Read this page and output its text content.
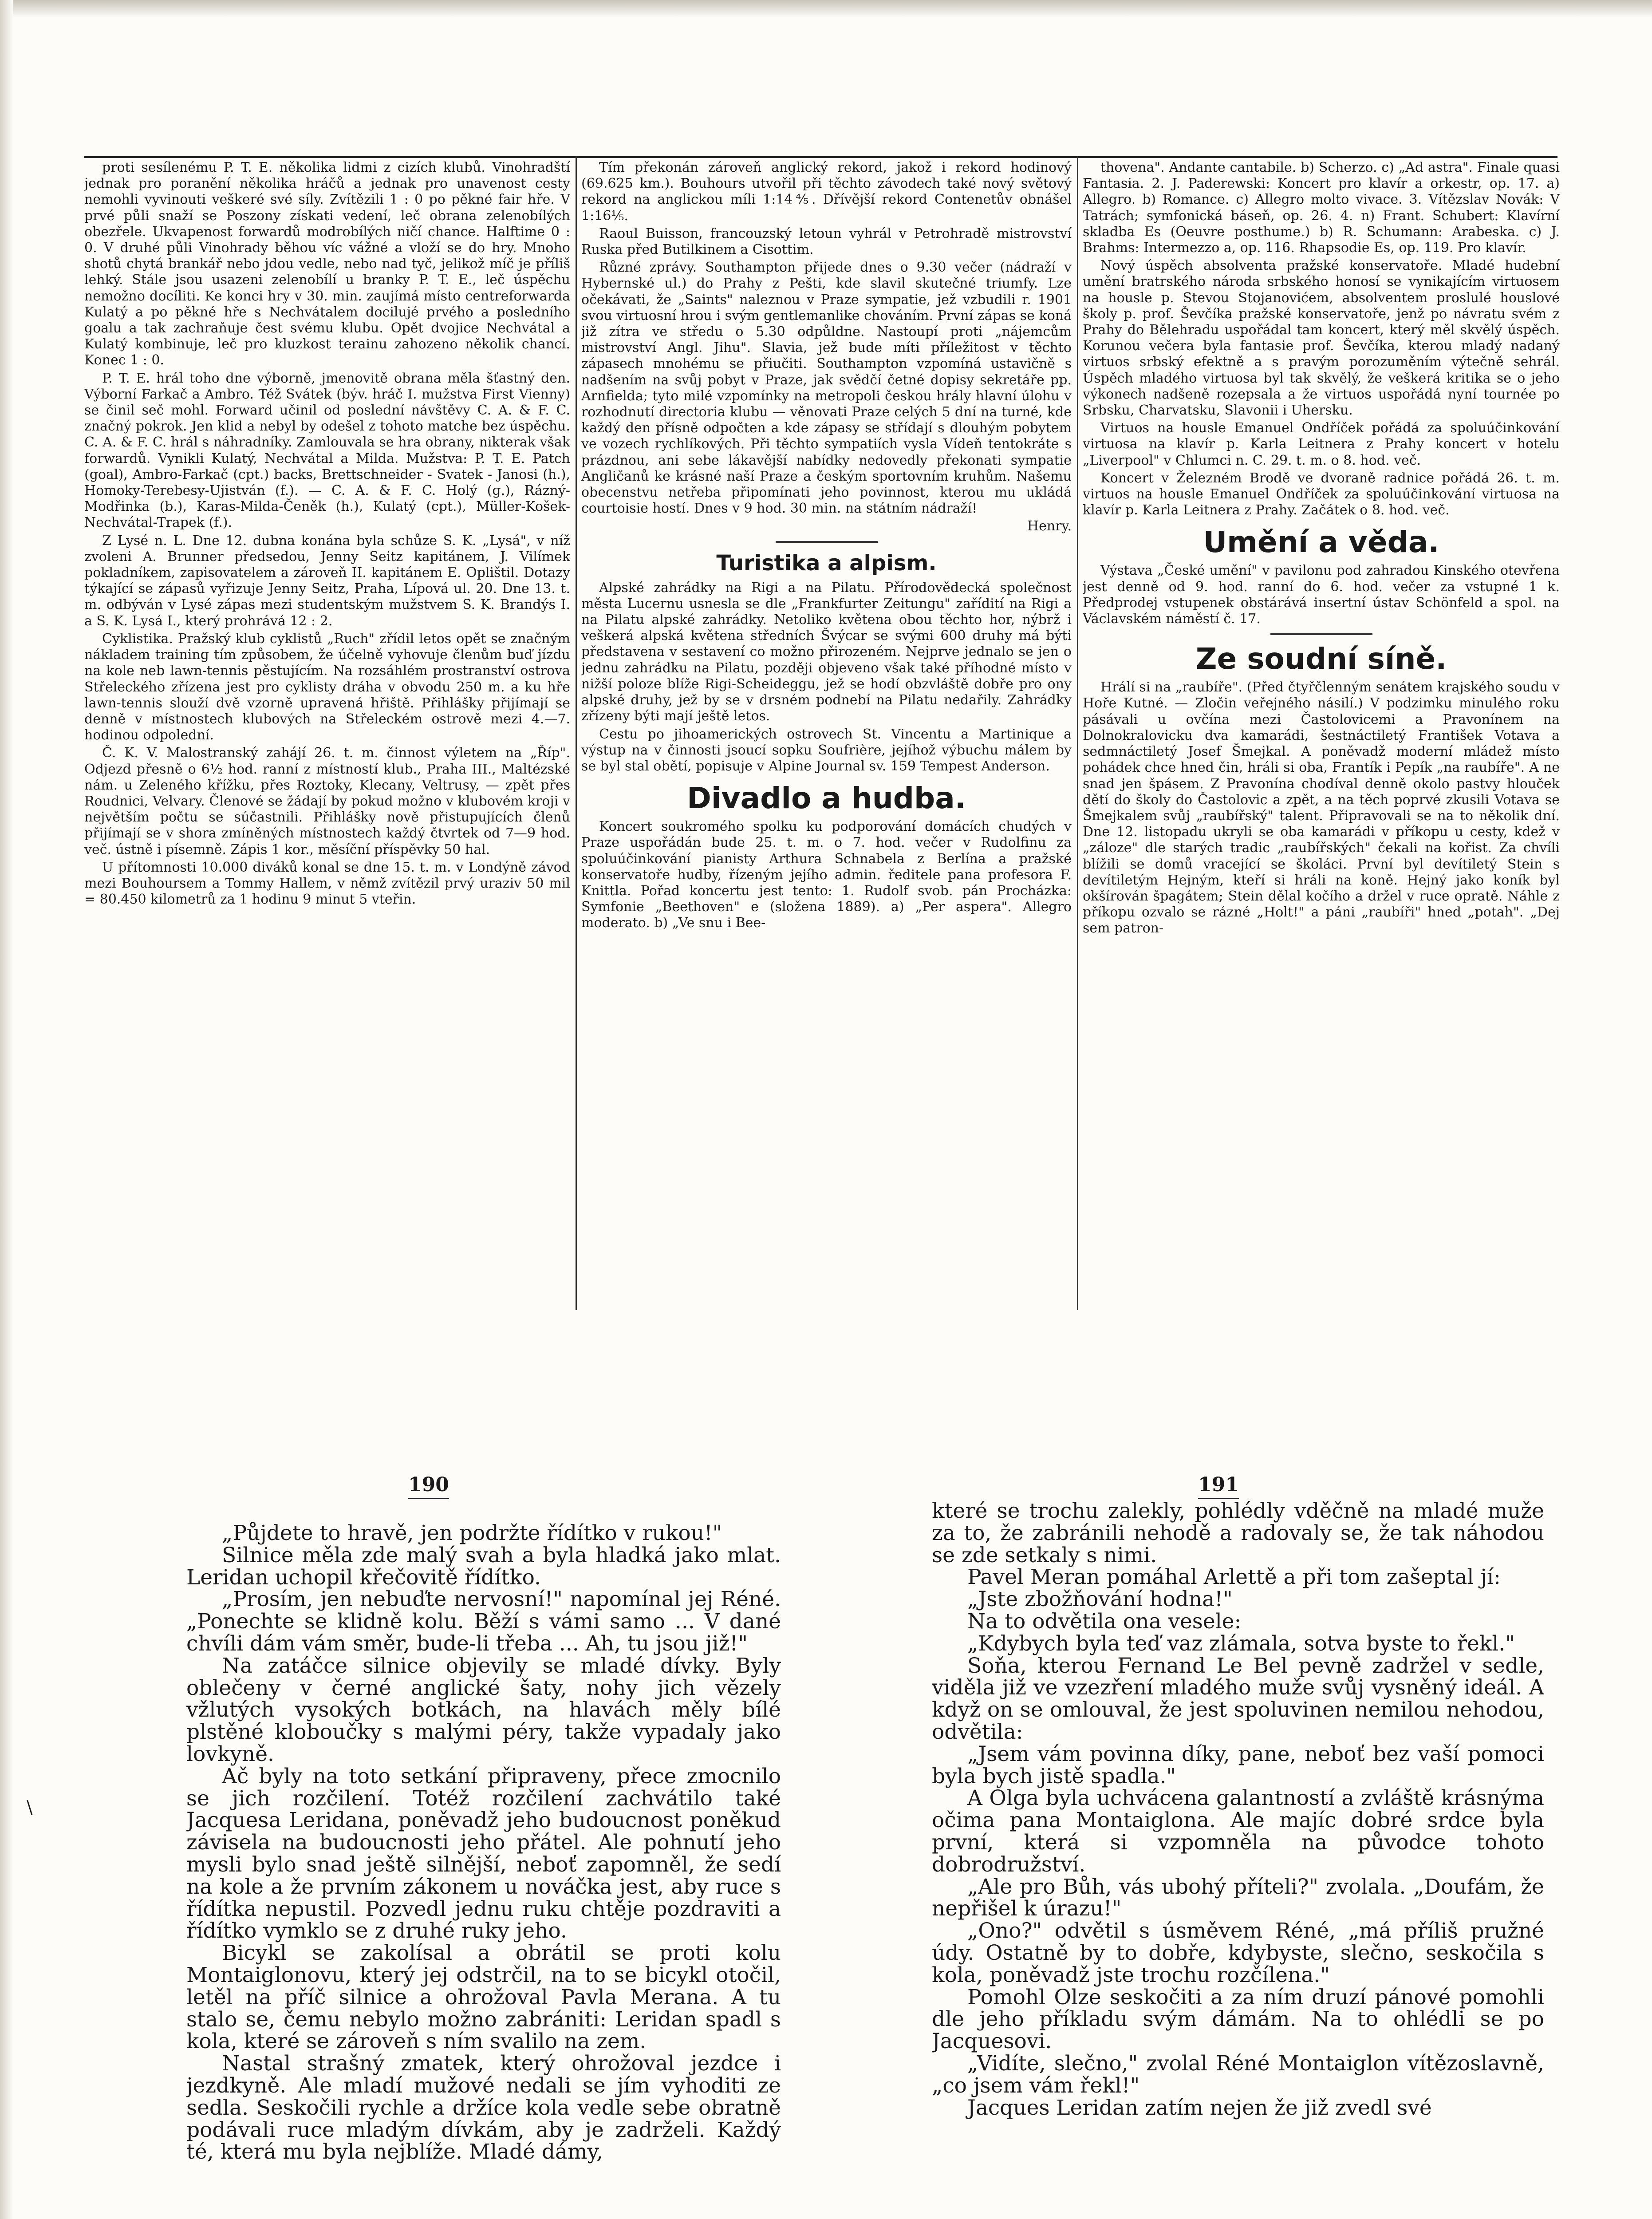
proti sesílenému P. T. E. několika lidmi z cizích klubů. Vinohradští jednak pro poranění několika hráčů a jednak pro unavenost cesty nemohli vyvinouti veškeré své síly. Zvítězili 1 : 0 po pěkné fair hře. V prvé půli snaží se Poszony získati vedení, leč obrana zelenobílých obezřele. Ukvapenost forwardů modrobílých ničí chance. Halftime 0 : 0. V druhé půli Vinohrady běhou víc vážné a vloží se do hry. Mnoho shotů chytá brankář nebo jdou vedle, nebo nad tyč, jelikož míč je příliš lehký. Stále jsou usazeni zelenobílí u branky P. T. E., leč úspěchu nemožno docíliti. Ke konci hry v 30. min. zaujímá místo centreforwarda Kulatý a po pěkné hře s Nechvátalem docilujé prvého a posledního goalu a tak zachraňuje čest svému klubu. Opět dvojice Nechvátal a Kulatý kombinuje, leč pro kluzkost terainu zahozeno několik chancí. Konec 1 : 0.

P. T. E. hrál toho dne výborně, jmenovitě obrana měla šťastný den. Výborní Farkač a Ambro. Též Svátek (býv. hráč I. mužstva First Vienny) se činil seč mohl. Forward učinil od poslední návštěvy C. A. & F. C. značný pokrok. Jen klid a nebyl by odešel z tohoto matche bez úspěchu. C. A. & F. C. hrál s náhradníky. Zamlouvala se hra obrany, nikterak však forwardů. Vynikli Kulatý, Nechvátal a Milda. Mužstva: P. T. E. Patch (goal), Ambro-Farkač (cpt.) backs, Brettschneider - Svatek - Janosi (h.), Homoky-Terebesy-Ujistván (f.). — C. A. & F. C. Holý (g.), Rázný-Modřinka (b.), Karas-Milda-Čeněk (h.), Kulatý (cpt.), Müller-Košek-Nechvátal-Trapek (f.).

Z Lysé n. L. Dne 12. dubna konána byla schůze S. K. „Lysá", v níž zvoleni A. Brunner předsedou, Jenny Seitz kapitánem, J. Vilímek pokladníkem, zapisovatelem a zároveň II. kapitánem E. Oplištil. Dotazy týkající se zápasů vyřizuje Jenny Seitz, Praha, Lípová ul. 20. Dne 13. t. m. odbýván v Lysé zápas mezi studentským mužstvem S. K. Brandýs I. a S. K. Lysá I., který prohrává 12 : 2.

Cyklistika. Pražský klub cyklistů „Ruch" zřídil letos opět se značným nákladem training tím způsobem, že účelně vyhovuje členům buď jízdu na kole neb lawn-tennis pěstujícím. Na rozsáhlém prostranství ostrova Střeleckého zřízena jest pro cyklisty dráha v obvodu 250 m. a ku hře lawn-tennis slouží dvě vzorně upravená hřiště. Přihlášky přijímají se denně v místnostech klubových na Střeleckém ostrově mezi 4.—7. hodinou odpolední.

Č. K. V. Malostranský zahájí 26. t. m. činnost výletem na „Říp". Odjezd přesně o 6½ hod. ranní z místností klub., Praha III., Maltézské nám. u Zeleného křížku, přes Roztoky, Klecany, Veltrusy, — zpět přes Roudnici, Velvary. Členové se žádají by pokud možno v klubovém kroji v největším počtu se súčastnili. Přihlášky nově přistupujících členů přijímají se v shora zmíněných místnostech každý čtvrtek od 7—9 hod. več. ústně i písemně. Zápis 1 kor., měsíční příspěvky 50 hal.

U přítomnosti 10.000 diváků konal se dne 15. t. m. v Londýně závod mezi Bouhoursem a Tommy Hallem, v němž zvítězil prvý uraziv 50 mil = 80.450 kilometrů za 1 hodinu 9 minut 5 vteřin.

Tím překonán zároveň anglický rekord, jakož i rekord hodinový (69.625 km.). Bouhours utvořil při těchto závodech také nový světový rekord na anglickou míli 1:14⅘. Dřívější rekord Contenetův obnášel 1:16⅕.

Raoul Buisson, francouzský letoun vyhrál v Petrohradě mistrovství Ruska před Butilkinem a Cisottim.

Různé zprávy. Southampton přijede dnes o 9.30 večer (nádraží v Hybernské ul.) do Prahy z Pešti, kde slavil skutečné triumfy. Lze očekávati, že „Saints" naleznou v Praze sympatie, jež vzbudili r. 1901 svou virtuosní hrou i svým gentlemanlike chováním. První zápas se koná již zítra ve středu o 5.30 odpůldne. Nastoupí proti „nájemcům mistrovství Angl. Jihu". Slavia, jež bude míti příležitost v těchto zápasech mnohému se přiučiti. Southampton vzpomíná ustavičně s nadšením na svůj pobyt v Praze, jak svědčí četné dopisy sekretáře pp. Arnfielda; tyto milé vzpomínky na metropoli českou hrály hlavní úlohu v rozhodnutí directoria klubu — věnovati Praze celých 5 dní na turné, kde každý den přísně odpočten a kde zápasy se střídají s dlouhým pobytem ve vozech rychlíkových. Při těchto sympatiích vysla Vídeň tentokráte s prázdnou, ani sebe lákavější nabídky nedovedly překonati sympatie Angličanů ke krásné naší Praze a českým sportovním kruhům. Našemu obecenstvu netřeba připomínati jeho povinnost, kterou mu ukládá courtoisie hostí. Dnes v 9 hod. 30 min. na státním nádraží!

Henry.

Turistika a alpism.

Alpské zahrádky na Rigi a na Pilatu. Přírodovědecká společnost města Lucernu usnesla se dle „Frankfurter Zeitungu" zařídití na Rigi a na Pilatu alpské zahrádky. Netolikо květena obou těchto hor, nýbrž i veškerá alpská květena středních Švýcar se svými 600 druhy má býti představena v sestavení co možno přirozeném. Nejprve jednalo se jen o jednu zahrádku na Pilatu, později objeveno však také příhodné místo v nižší poloze blíže Rigi-Scheideggu, jež se hodí obzvláště dobře pro ony alpské druhy, jež by se v drsném podnebí na Pilatu nedařily. Zahrádky zřízeny býti mají ještě letos.

Cestu po jihoamerických ostrovech St. Vincentu a Martinique a výstup na v činnosti jsoucí sopku Soufrière, jejíhož výbuchu málem by se byl stal obětí, popisuje v Alpine Journal sv. 159 Tempest Anderson.

Divadlo a hudba.

Koncert soukromého spolku ku podporování domácích chudých v Praze uspořádán bude 25. t. m. o 7. hod. večer v Rudolfinu za spoluúčinkování pianisty Arthura Schnabela z Berlína a pražské konservatoře hudby, řízeným jejího admin. ředitele pana profesora F. Knittla. Pořad koncertu jest tento: 1. Rudolf svob. pán Procházka: Symfonie „Beethoven" e (složena 1889). a) „Per aspera". Allegro moderato. b) „Ve snu i Bee-

thovena". Andante cantabile. b) Scherzo. c) „Ad astra". Finale quasi Fantasia. 2. J. Paderewski: Koncert pro klavír a orkestr, op. 17. a) Allegro. b) Romance. c) Allegro molto vivace. 3. Vítězslav Novák: V Tatrách; symfonická báseň, op. 26. 4. n) Frant. Schubert: Klavírní skladba Es (Oeuvre posthume.) b) R. Schumann: Arabeska. c) J. Brahms: Intermezzo a, op. 116. Rhapsodie Es, op. 119. Pro klavír.

Nový úspěch absolventa pražské konservatoře. Mladé hudební umění bratrského národa srbského honosí se vynikajícím virtuosem na housle p. Stevou Stojanovićem, absolventem proslulé houslové školy p. prof. Ševčíka pražské konservatoře, jenž po návratu svém z Prahy do Bělehradu uspořádal tam koncert, který měl skvělý úspěch. Korunou večera byla fantasie prof. Ševčíka, kterou mladý nadaný virtuos srbský efektně a s pravým porozuměním výtečně sehrál. Úspěch mladého virtuosa byl tak skvělý, že veškerá kritika se o jeho výkonech nadšeně rozepsala a že virtuos uspořádá nyní tournée po Srbsku, Charvatsku, Slavonii i Uhersku.

Virtuos na housle Emanuel Ondříček pořádá za spoluúčinkování virtuosa na klavír p. Karla Leitnera z Prahy koncert v hotelu „Liverpool" v Chlumci n. C. 29. t. m. o 8. hod. več.

Koncert v Železném Brodě ve dvoraně radnice pořádá 26. t. m. virtuos na housle Emanuel Ondříček za spoluúčinkování virtuosa na klavír p. Karla Leitnera z Prahy. Začátek o 8. hod. več.

Umění a věda.

Výstava „České umění" v pavilonu pod zahradou Kinského otevřena jest denně od 9. hod. ranní do 6. hod. večer za vstupné 1 k. Předprodej vstupenek obstárává insertní ústav Schönfeld a spol. na Václavském náměstí č. 17.

Ze soudní síně.

Hrálí si na „raubíře". (Před čtyřčlenným senátem krajského soudu v Hoře Kutné. — Zločin veřejného násilí.) V podzimku minulého roku pásávali u ovčína mezi Častolovicemi a Pravonínem na Dolnokralovicku dva kamarádi, šestnáctiletý František Votava a sedmnáctiletý Josef Šmejkal. A poněvadž moderní mládež místo pohádek chce hned čin, hráli si oba, Frantík i Pepík „na raubíře". A ne snad jen špásem. Z Pravonína chodíval denně okolo pastvy hlouček dětí do školy do Častolovic a zpět, a na těch poprvé zkusili Votava se Šmejkalem svůj „raubířský" talent. Připravovali se na to několik dní. Dne 12. listopadu ukryli se oba kamarádi v příkopu u cesty, kdež v „záloze" dle starých tradic „raubířských" čekali na kořist. Za chvíli blížili se domů vracející se školáci. První byl devítiletý Stein s devítiletým Hejným, kteří si hráli na koně. Hejný jako koník byl okšírován špagátem; Stein dělal kočího a držel v ruce opratě. Náhle z příkopu ozvalo se rázné „Holt!" a páni „raubíři" hned „potah". „Dej sem patron-

190	191

„Půjdete to hravě, jen podržte řídítko v rukou!"

Silnice měla zde malý svah a byla hladká jako mlat. Leridan uchopil křečovitě řídítko.

„Prosím, jen nebuďte nervosní!" napomínal jej Réné. „Ponechte se klidně kolu. Běží s vámi samo ... V dané chvíli dám vám směr, bude-li třeba ... Ah, tu jsou již!"

Na zatáčce silnice objevily se mladé dívky. Byly oblečeny v černé anglické šaty, nohy jich vězely vžlutých vysokých botkách, na hlavách měly bílé plstěné kloboučky s malými péry, takže vypadaly jako lovkyně.

Ač byly na toto setkání připraveny, přece zmocnilo se jich rozčilení. Totéž rozčilení zachvátilo také Jacquesa Leridana, poněvadž jeho budoucnost poněkud závisela na budoucnosti jeho přátel. Ale pohnutí jeho mysli bylo snad ještě silnější, neboť zapomněl, že sedí na kole a že prvním zákonem u nováčka jest, aby ruce s řídítka nepustil. Pozvedl jednu ruku chtěje pozdraviti a řídítko vymklo se z druhé ruky jeho.

Bicykl se zakolísal a obrátil se proti kolu Montaiglonovu, který jej odstrčil, na to se bicykl otočil, letěl na příč silnice a ohrožoval Pavla Merana. A tu stalo se, čemu nebylo možno zabrániti: Leridan spadl s kola, které se zároveň s ním svalilo na zem.

Nastal strašný zmatek, který ohrožoval jezdce i jezdkyně. Ale mladí mužové nedali se jím vyhoditi ze sedla. Seskočili rychle a držíce kola vedle sebe obratně podávali ruce mladým dívkám, aby je zadrželi. Každý té, která mu byla nejblíže. Mladé dámy,

které se trochu zalekly, pohlédly vděčně na mladé muže za to, že zabránili nehodě a radovaly se, že tak náhodou se zde setkaly s nimi.

Pavel Meran pomáhal Arlettě a při tom zašeptal jí:

„Jste zbožňování hodna!"

Na to odvětila ona vesele:

„Kdybych byla teď vaz zlámala, sotva byste to řekl."

Soňa, kterou Fernand Le Bel pevně zadržel v sedle, viděla již ve vzezření mladého muže svůj vysněný ideál. A když on se omlouval, že jest spoluvinen nemilou nehodou, odvětila:

„Jsem vám povinna díky, pane, neboť bez vaší pomoci byla bych jistě spadla."

A Olga byla uchvácena galantností a zvláště krásnýma očima pana Montaiglona. Ale majíc dobré srdce byla první, která si vzpomněla na původce tohoto dobrodružství.

„Ale pro Bůh, vás ubohý příteli?" zvolala. „Doufám, že nepřišel k úrazu!"

„Ono?" odvětil s úsměvem Réné, „má příliš pružné údy. Ostatně by to dobře, kdybyste, slečno, seskočila s kola, poněvadž jste trochu rozčílena."

Pomohl Olze seskočiti a za ním druzí pánové pomohli dle jeho příkladu svým dámám. Na to ohlédli se po Jacquesovi.

„Vidíte, slečno," zvolal Réné Montaiglon vítězoslavně, „co jsem vám řekl!"

Jacques Leridan zatím nejen že již zvedl své

\
